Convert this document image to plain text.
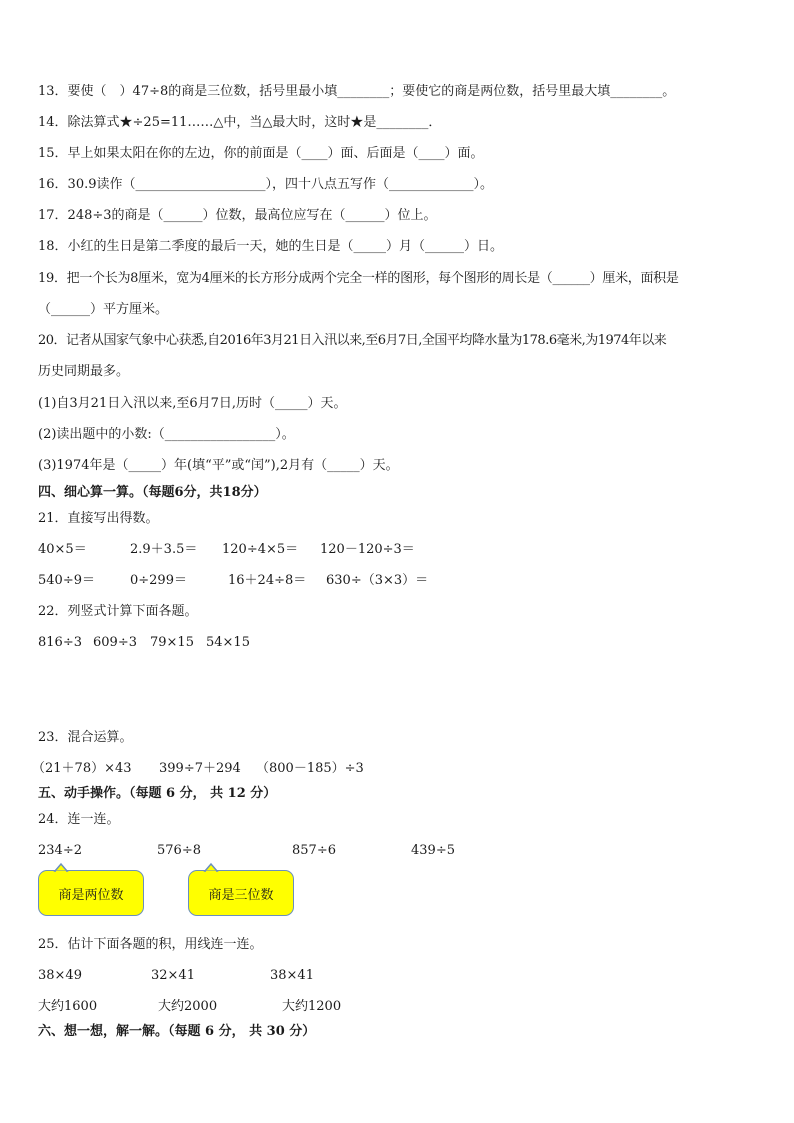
13．要使（　）47÷8的商是三位数，括号里最小填________；要使它的商是两位数，括号里最大填________。
14．除法算式★÷25=11……△中，当△最大时，这时★是________．
15．早上如果太阳在你的左边，你的前面是（____）面、后面是（____）面。
16．30.9读作（____________________），四十八点五写作（_____________）。
17．248÷3的商是（______）位数，最高位应写在（______）位上。
18．小红的生日是第二季度的最后一天，她的生日是（_____）月（______）日。
19．把一个长为8厘米，宽为4厘米的长方形分成两个完全一样的图形，每个图形的周长是（______）厘米，面积是
（______）平方厘米。
20．记者从国家气象中心获悉,自2016年3月21日入汛以来,至6月7日,全国平均降水量为178.6毫米,为1974年以来
历史同期最多。
(1)自3月21日入汛以来,至6月7日,历时（_____）天。
(2)读出题中的小数:（_________________）。
(3)1974年是（_____）年(填“平”或“闰”),2月有（_____）天。
四、细心算一算。（每题6分，共18分）
21．直接写出得数。
40×5＝	2.9＋3.5＝ 120÷4×5＝ 120－120÷3＝
540÷9＝	0÷299＝	16＋24÷8＝ 630÷（3×3）＝
22．列竖式计算下面各题。
816÷3 609÷3 79×15 54×15
23．混合运算。
（21＋78）×43 399÷7＋294 （800－185）÷3
五、动手操作。（每题 6 分， 共 12 分）
24．连一连。
234÷2	576÷8	857÷6	439÷5
商是两位数	商是三位数
25．估计下面各题的积，用线连一连。
38×49	32×41	38×41
大约1600	大约2000	大约1200
六、想一想，解一解。（每题 6 分， 共 30 分）
